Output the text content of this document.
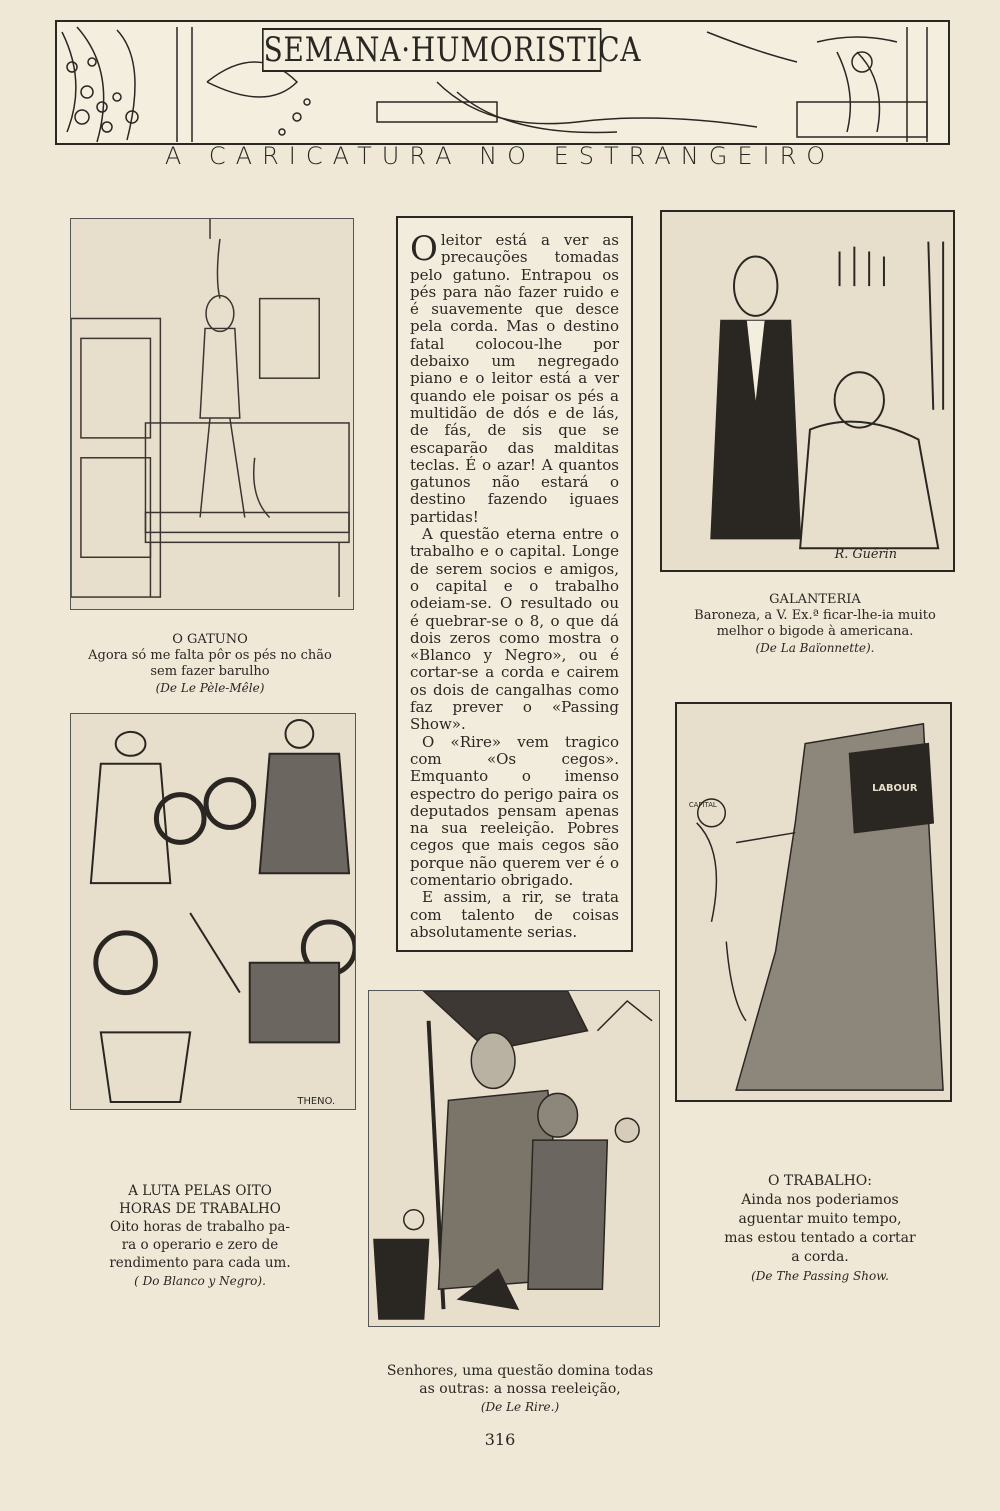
SEMANA·HUMORISTICA
A CARICATURA NO ESTRANGEIRO
O GATUNO
Agora só me falta pôr os pés no chão
sem fazer barulho
(De Le Pèle-Mêle)

Oleitor está a ver as precauções tomadas pelo gatuno. Entrapou os pés para não fazer ruido e é suavemente que desce pela corda. Mas o destino fatal colocou-lhe por debaixo um negregado piano e o leitor está a ver quando ele poisar os pés a multidão de dós e de lás, de fás, de sis que se escaparão das malditas teclas. É o azar! A quantos gatunos não estará o destino fazendo iguaes partidas!

A questão eterna entre o trabalho e o capital. Longe de serem socios e amigos, o capital e o trabalho odeiam-se. O resultado ou é quebrar-se o 8, o que dá dois zeros como mostra o «Blanco y Negro», ou é cortar-se a corda e cairem os dois de cangalhas como faz prever o «Passing Show».

O «Rire» vem tragico com «Os cegos». Emquanto o imenso espectro do perigo paira os deputados pensam apenas na sua reeleição. Pobres cegos que mais cegos são porque não querem ver é o comentario obrigado.

E assim, a rir, se trata com talento de coisas absolutamente serias.

R. Guérin
GALANTERIA
Baroneza, a V. Ex.ª ficar-lhe-ia muito
melhor o bigode à americana.
(De La Baïonnette).
THENO.
A LUTA PELAS OITO
HORAS DE TRABALHO
Oito horas de trabalho pa-
ra o operario e zero de
rendimento para cada um.
( Do Blanco y Negro).
LABOUR
CAPITAL
O TRABALHO:
Ainda nos poderiamos
aguentar muito tempo,
mas estou tentado a cortar
a corda.
(De The Passing Show.
Senhores, uma questão domina todas
as outras: a nossa reeleição,
(De Le Rire.)
316
